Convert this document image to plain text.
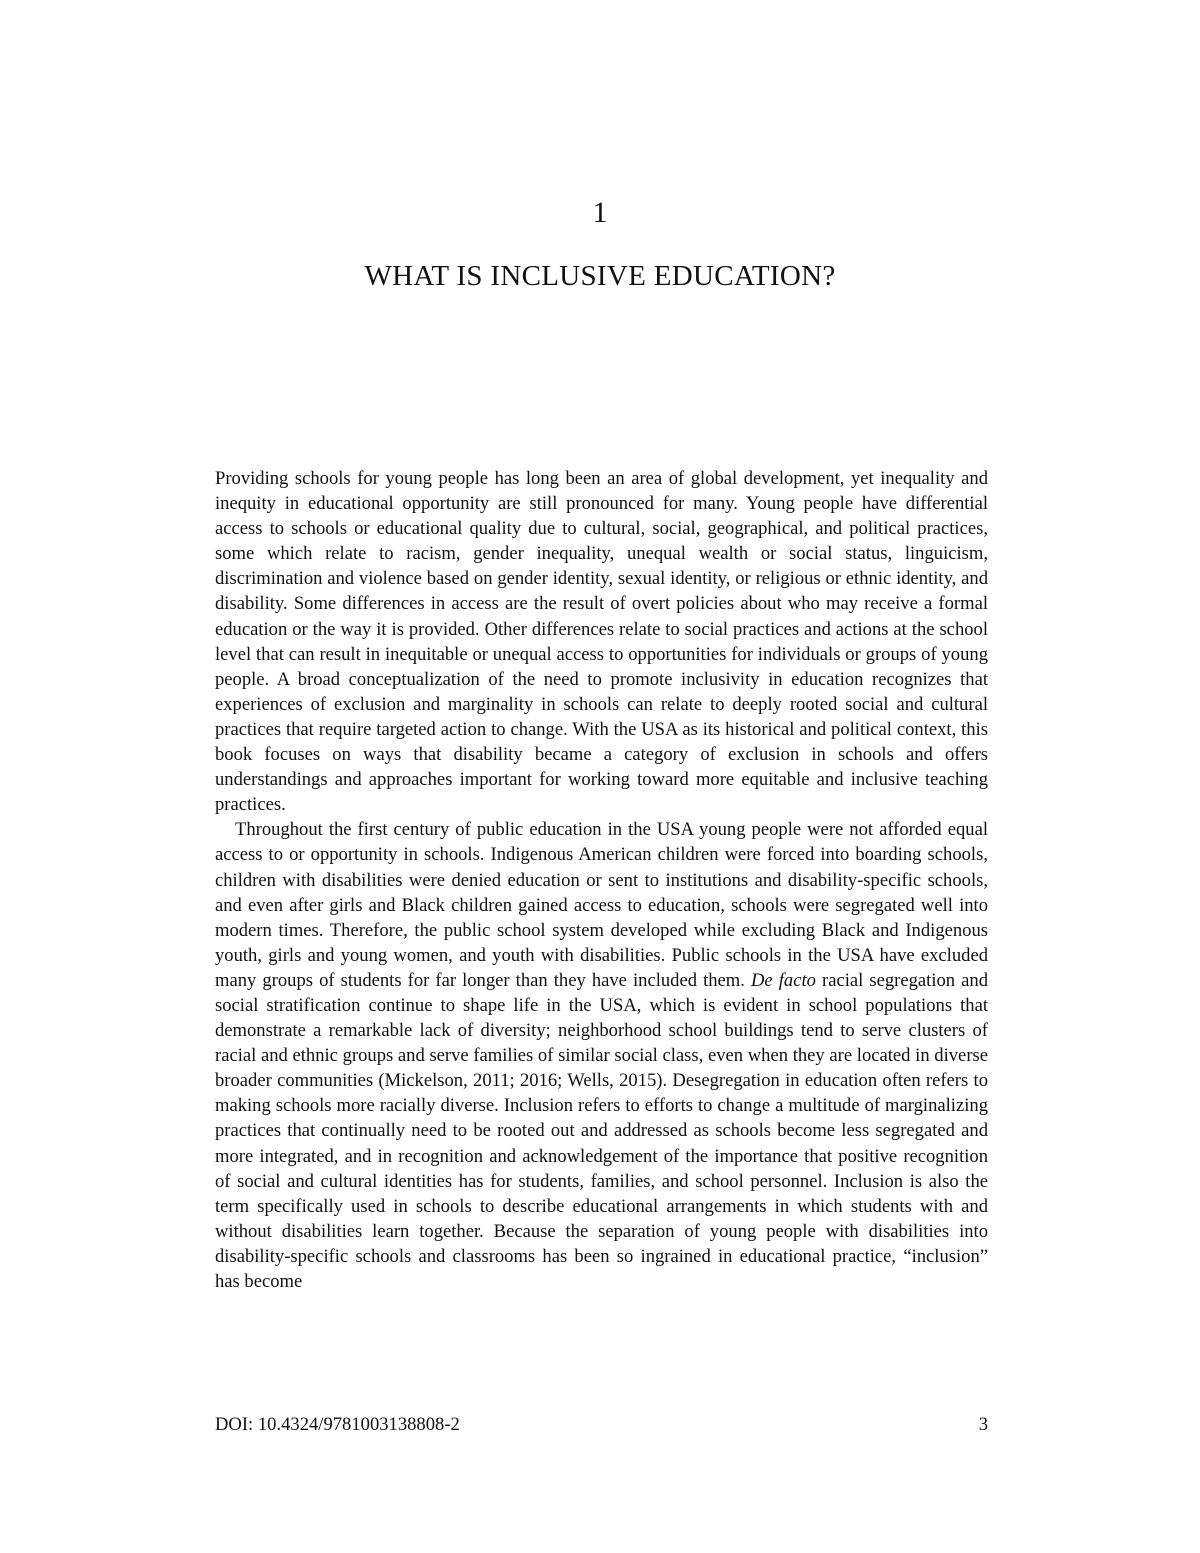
1
WHAT IS INCLUSIVE EDUCATION?

Providing schools for young people has long been an area of global development, yet inequality and inequity in educational opportunity are still pronounced for many. Young people have differential access to schools or educational quality due to cultural, social, geographical, and political practices, some which relate to racism, gender inequality, unequal wealth or social status, linguicism, discrimination and violence based on gender identity, sexual identity, or religious or ethnic identity, and disability. Some differences in access are the result of overt policies about who may receive a formal education or the way it is provided. Other differences relate to social practices and actions at the school level that can result in inequitable or unequal access to opportunities for individuals or groups of young people. A broad conceptualization of the need to promote inclusivity in education recognizes that experiences of exclusion and marginality in schools can relate to deeply rooted social and cultural practices that require targeted action to change. With the USA as its historical and political context, this book focuses on ways that disability became a category of exclusion in schools and offers understandings and approaches important for working toward more equitable and inclusive teaching practices.

Throughout the first century of public education in the USA young people were not afforded equal access to or opportunity in schools. Indigenous American children were forced into boarding schools, children with disabilities were denied education or sent to institutions and disability-specific schools, and even after girls and Black children gained access to education, schools were segregated well into modern times. Therefore, the public school system developed while excluding Black and Indigenous youth, girls and young women, and youth with disabilities. Public schools in the USA have excluded many groups of students for far longer than they have included them. De facto racial segregation and social stratification continue to shape life in the USA, which is evident in school populations that demonstrate a remarkable lack of diversity; neighborhood school buildings tend to serve clusters of racial and ethnic groups and serve families of similar social class, even when they are located in diverse broader communities (Mickelson, 2011; 2016; Wells, 2015). Desegregation in education often refers to making schools more racially diverse. Inclusion refers to efforts to change a multitude of marginalizing practices that continually need to be rooted out and addressed as schools become less segregated and more integrated, and in recognition and acknowledgement of the importance that positive recognition of social and cultural identities has for students, families, and school personnel. Inclusion is also the term specifically used in schools to describe educational arrangements in which students with and without disabilities learn together. Because the separation of young people with disabilities into disability-specific schools and classrooms has been so ingrained in educational practice, “inclusion” has become

DOI: 10.4324/9781003138808-2	3
